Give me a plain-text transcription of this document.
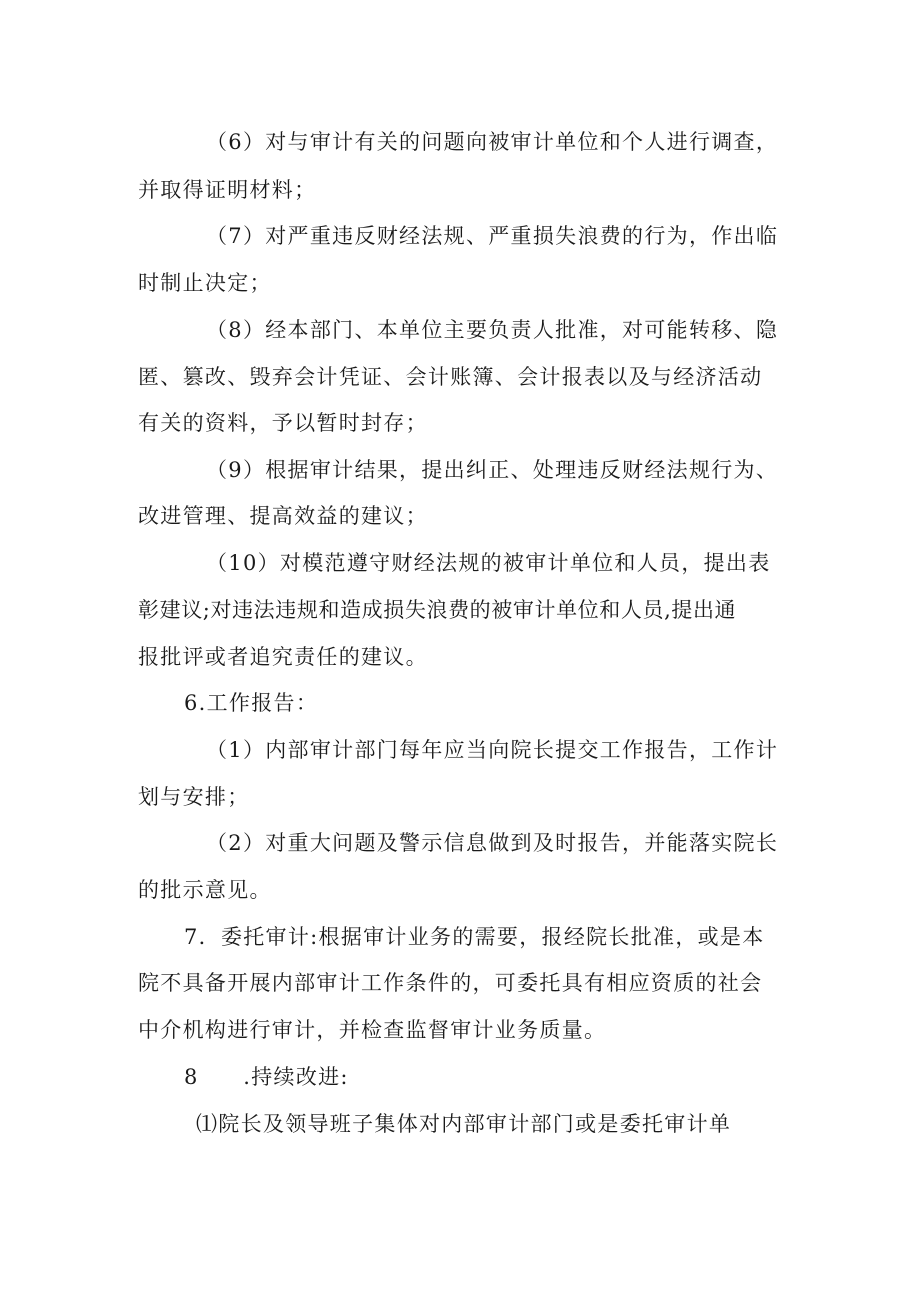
（6）对与审计有关的问题向被审计单位和个人进行调查，
并取得证明材料；
（7）对严重违反财经法规、严重损失浪费的行为，作出临
时制止决定；
（8）经本部门、本单位主要负责人批准，对可能转移、隐
匿、篡改、毁弃会计凭证、会计账簿、会计报表以及与经济活动
有关的资料，予以暂时封存；
（9）根据审计结果，提出纠正、处理违反财经法规行为、
改进管理、提高效益的建议；
（10）对模范遵守财经法规的被审计单位和人员，提出表
彰建议;对违法违规和造成损失浪费的被审计单位和人员,提出通
报批评或者追究责任的建议。
6.工作报告：
（1）内部审计部门每年应当向院长提交工作报告，工作计
划与安排；
（2）对重大问题及警示信息做到及时报告，并能落实院长
的批示意见。
7．委托审计:根据审计业务的需要，报经院长批准，或是本
院不具备开展内部审计工作条件的，可委托具有相应资质的社会
中介机构进行审计，并检查监督审计业务质量。
8　　.持续改进:
⑴院长及领导班子集体对内部审计部门或是委托审计单
